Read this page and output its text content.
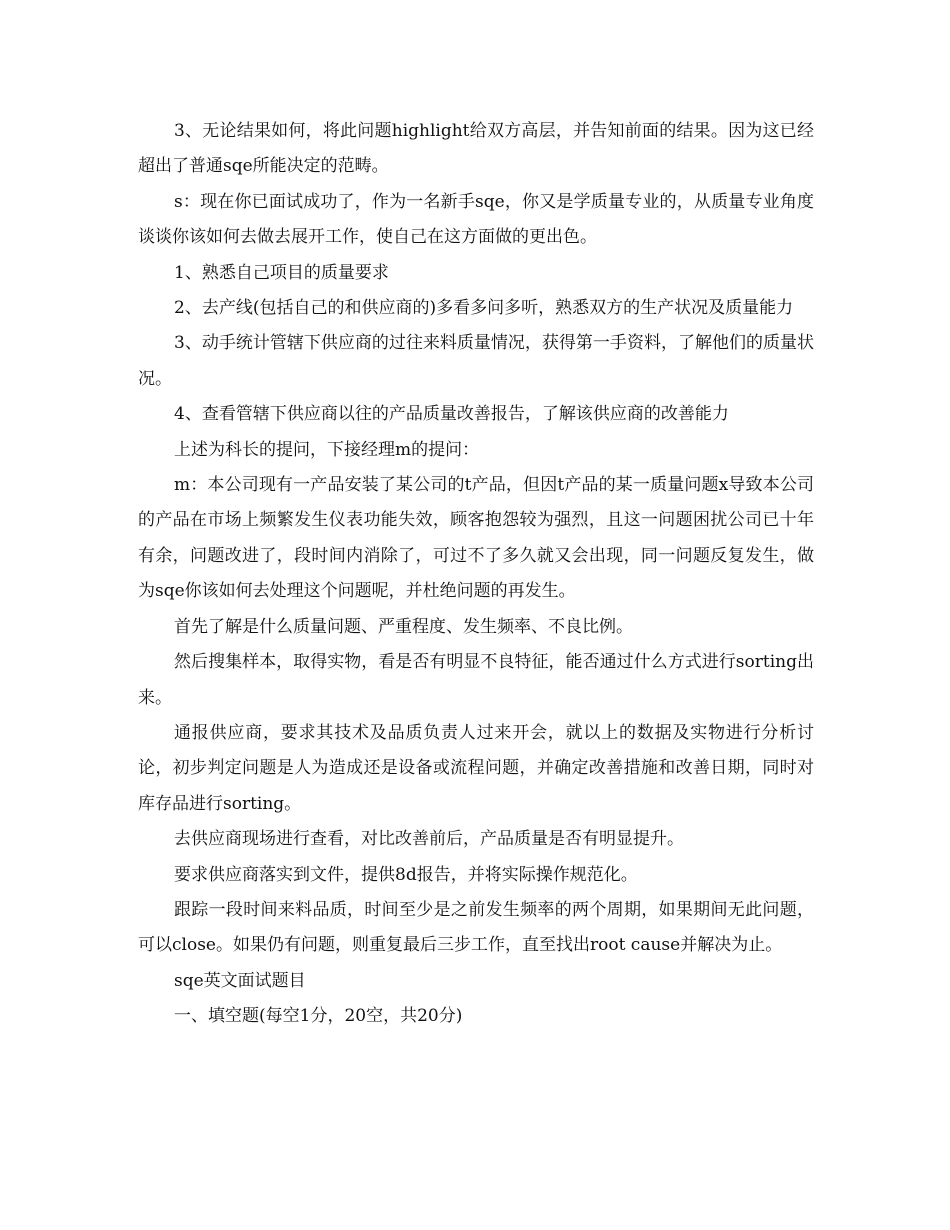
3、无论结果如何，将此问题highlight给双方高层，并告知前面的结果。因为这已经超出了普通sqe所能决定的范畴。

s：现在你已面试成功了，作为一名新手sqe，你又是学质量专业的，从质量专业角度谈谈你该如何去做去展开工作，使自己在这方面做的更出色。

1、熟悉自己项目的质量要求

2、去产线(包括自己的和供应商的)多看多问多听，熟悉双方的生产状况及质量能力

3、动手统计管辖下供应商的过往来料质量情况，获得第一手资料，了解他们的质量状况。

4、查看管辖下供应商以往的产品质量改善报告，了解该供应商的改善能力

上述为科长的提问，下接经理m的提问：

m：本公司现有一产品安装了某公司的t产品，但因t产品的某一质量问题x导致本公司的产品在市场上频繁发生仪表功能失效，顾客抱怨较为强烈，且这一问题困扰公司已十年有余，问题改进了，段时间内消除了，可过不了多久就又会出现，同一问题反复发生，做为sqe你该如何去处理这个问题呢，并杜绝问题的再发生。

首先了解是什么质量问题、严重程度、发生频率、不良比例。

然后搜集样本，取得实物，看是否有明显不良特征，能否通过什么方式进行sorting出来。

通报供应商，要求其技术及品质负责人过来开会，就以上的数据及实物进行分析讨论，初步判定问题是人为造成还是设备或流程问题，并确定改善措施和改善日期，同时对库存品进行sorting。

去供应商现场进行查看，对比改善前后，产品质量是否有明显提升。

要求供应商落实到文件，提供8d报告，并将实际操作规范化。

跟踪一段时间来料品质，时间至少是之前发生频率的两个周期，如果期间无此问题，可以close。如果仍有问题，则重复最后三步工作，直至找出root cause并解决为止。

sqe英文面试题目

一、填空题(每空1分，20空，共20分)
